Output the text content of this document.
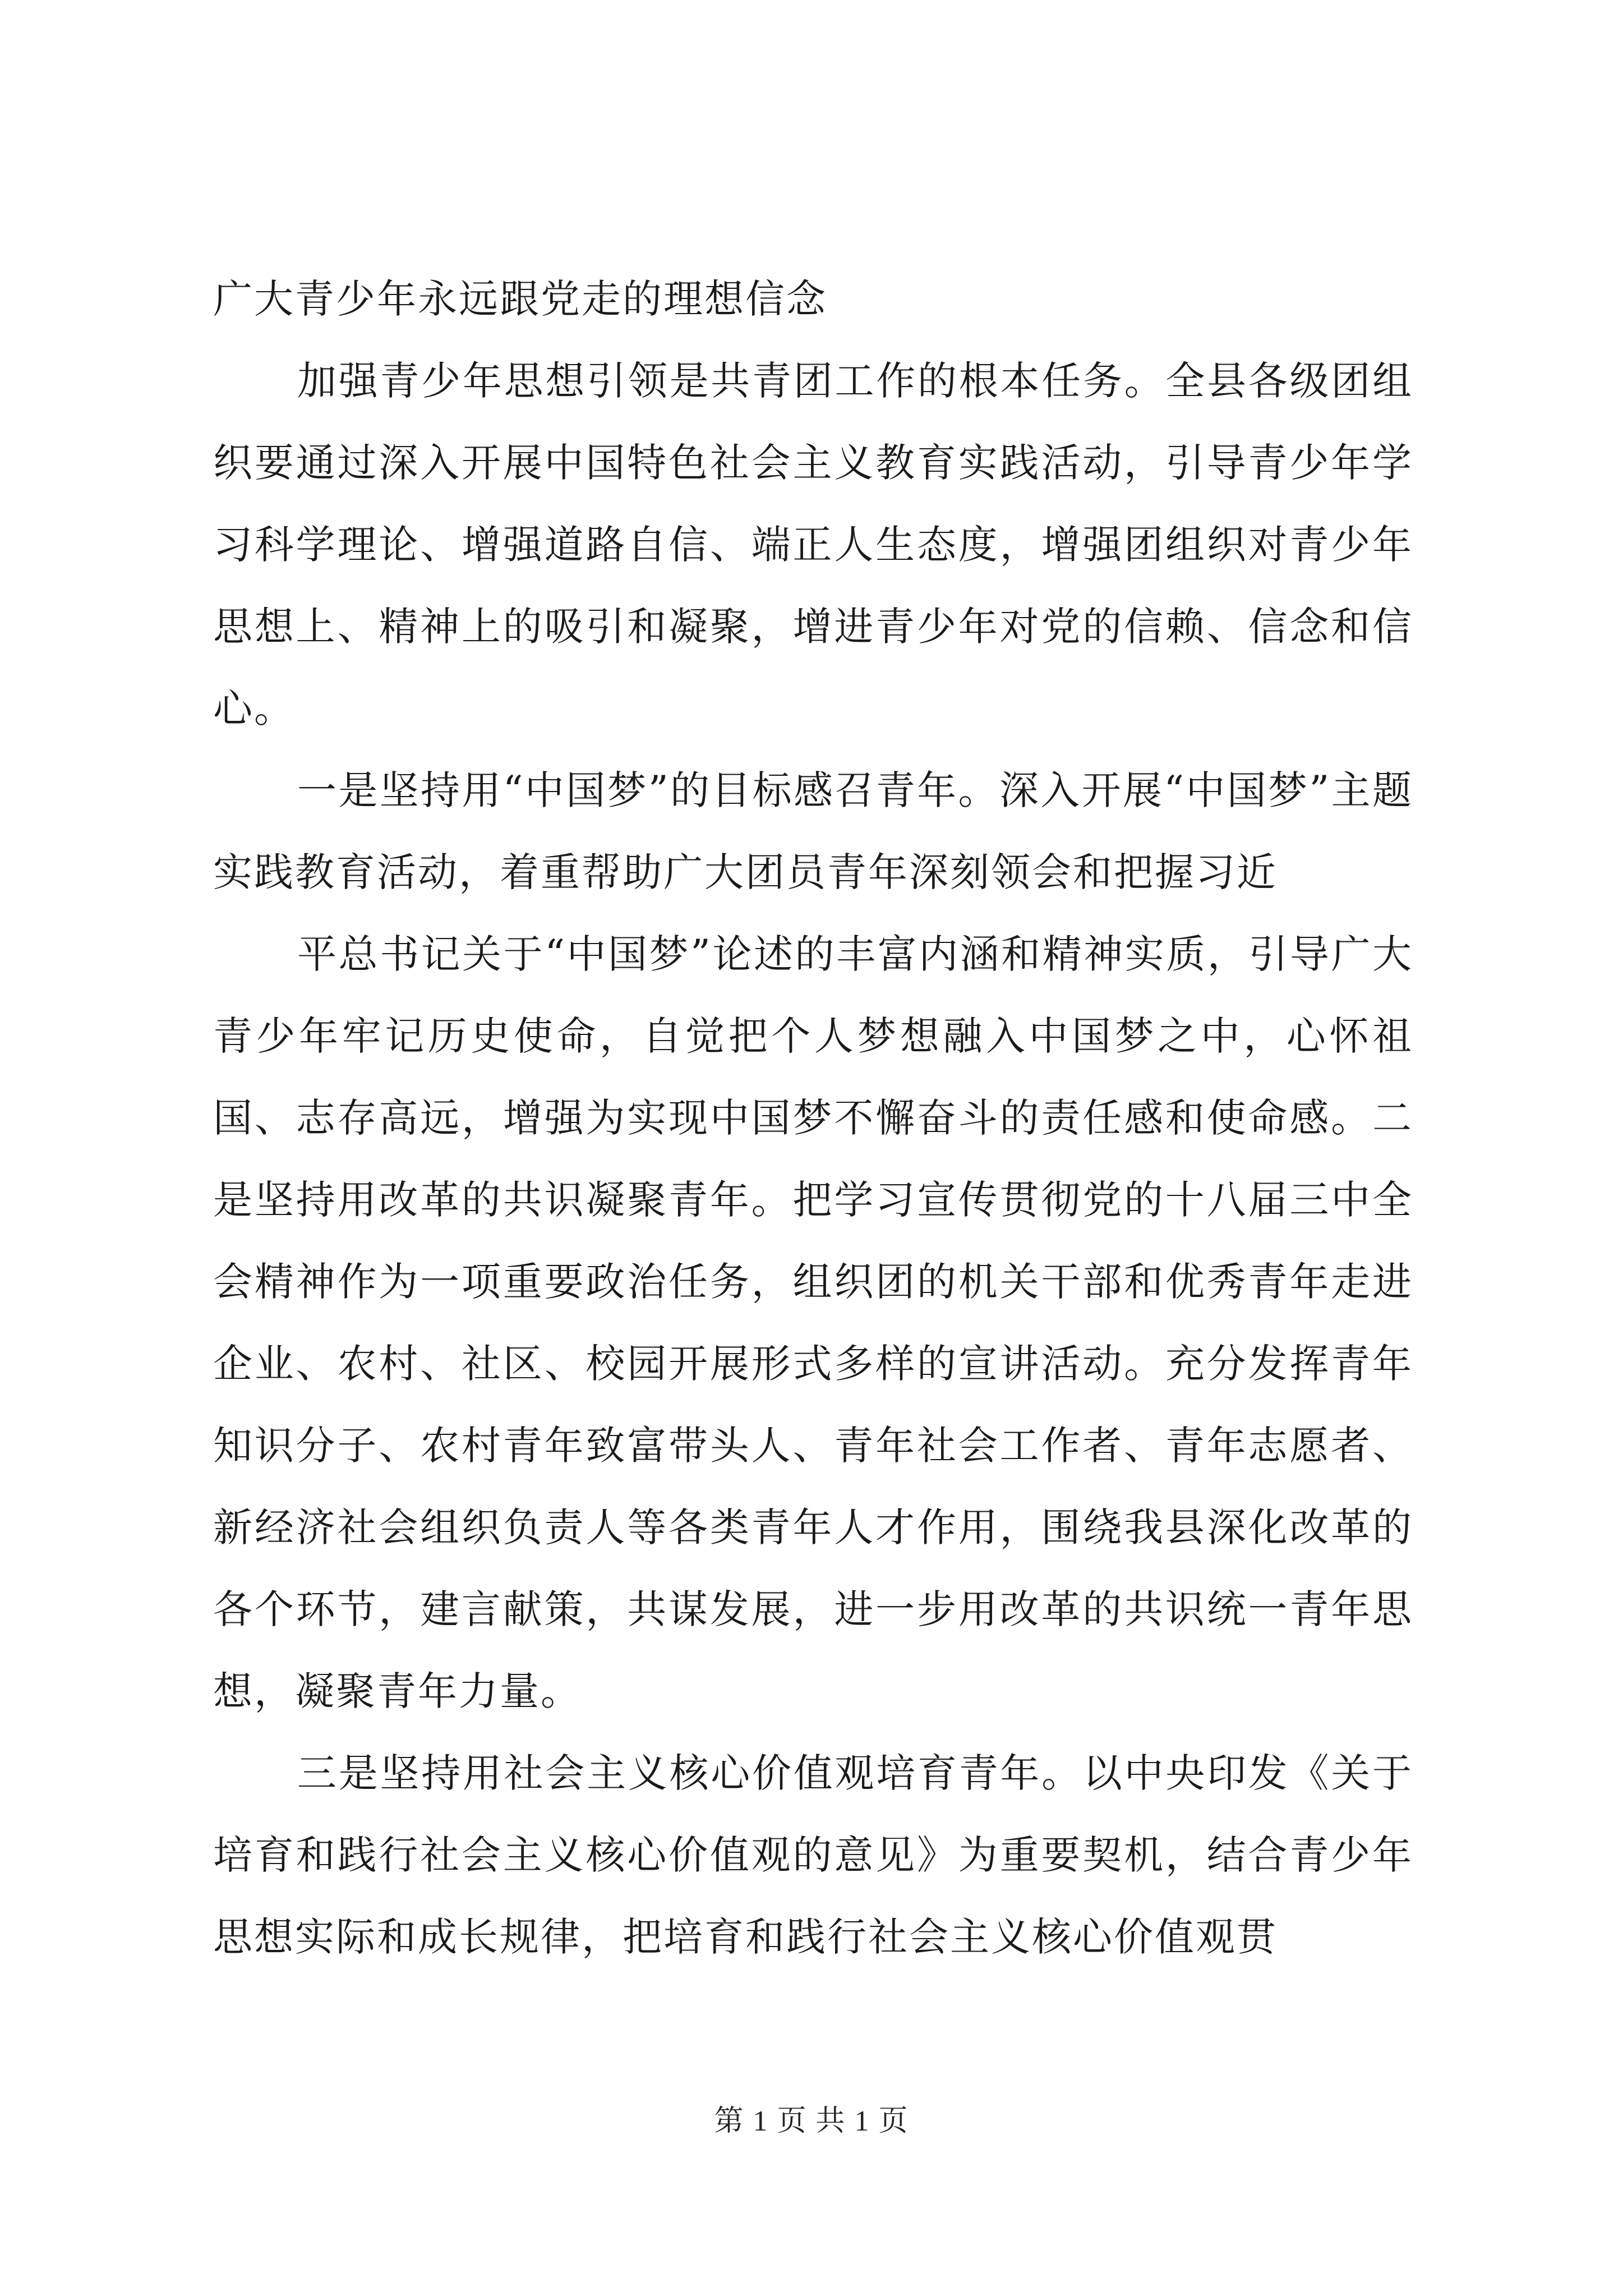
广大青少年永远跟党走的理想信念

加强青少年思想引领是共青团工作的根本任务。全县各级团组织要通过深入开展中国特色社会主义教育实践活动，引导青少年学习科学理论、增强道路自信、端正人生态度，增强团组织对青少年思想上、精神上的吸引和凝聚，增进青少年对党的信赖、信念和信心。

一是坚持用“中国梦”的目标感召青年。深入开展“中国梦”主题实践教育活动，着重帮助广大团员青年深刻领会和把握习近

平总书记关于“中国梦”论述的丰富内涵和精神实质，引导广大青少年牢记历史使命，自觉把个人梦想融入中国梦之中，心怀祖国、志存高远，增强为实现中国梦不懈奋斗的责任感和使命感。二是坚持用改革的共识凝聚青年。把学习宣传贯彻党的十八届三中全会精神作为一项重要政治任务，组织团的机关干部和优秀青年走进企业、农村、社区、校园开展形式多样的宣讲活动。充分发挥青年知识分子、农村青年致富带头人、青年社会工作者、青年志愿者、新经济社会组织负责人等各类青年人才作用，围绕我县深化改革的各个环节，建言献策，共谋发展，进一步用改革的共识统一青年思想，凝聚青年力量。

三是坚持用社会主义核心价值观培育青年。以中央印发《关于培育和践行社会主义核心价值观的意见》为重要契机，结合青少年思想实际和成长规律，把培育和践行社会主义核心价值观贯

第 1 页 共 1 页
